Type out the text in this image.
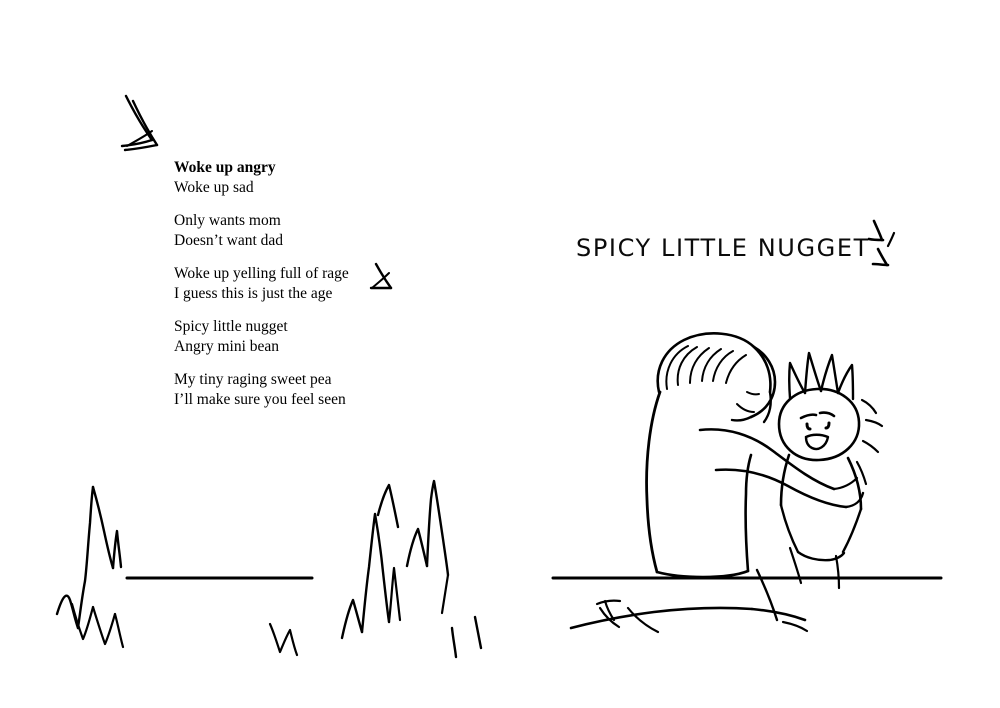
Woke up angry
Woke up sad
Only wants mom
Doesn’t want dad
Woke up yelling full of rage
I guess this is just the age
Spicy little nugget
Angry mini bean
My tiny raging sweet pea
I’ll make sure you feel seen
SPICY LITTLE NUGGET
